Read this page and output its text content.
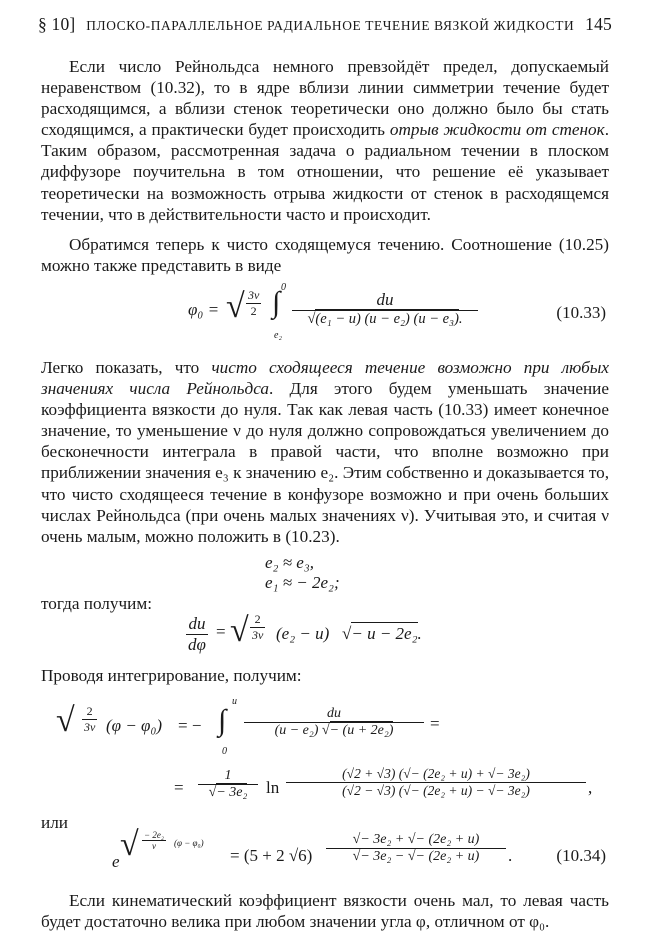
§ 10] ПЛОСКО-ПАРАЛЛЕЛЬНОЕ РАДИАЛЬНОЕ ТЕЧЕНИЕ ВЯЗКОЙ ЖИДКОСТИ 145
Если число Рейнольдса немного превзойдёт предел, допускаемый неравенством (10.32), то в ядре вблизи линии симметрии течение будет расходящимся, а вблизи стенок теоретически оно должно было бы стать сходящимся, а практически будет происходить отрыв жидкости от стенок. Таким образом, рассмотренная задача о радиальном течении в плоском диффузоре поучительна в том отношении, что решение её указывает теоретически на возможность отрыва жидкости от стенок в расходящемся течении, что в действительности часто и происходит.
Обратимся теперь к чисто сходящемуся течению. Соотношение (10.25) можно также представить в виде
φ₀ = √ $\frac{3\nu}{2}$ ∫ 0
e₂
$\frac{du}{\text{√(e₁ − u) (u − e₂) (u − e₃).}}$	(10.33)
Легко показать, что чисто сходящееся течение возможно при любых значениях числа Рейнольдса. Для этого будем уменьшать значение коэффициента вязкости до нуля. Так как левая часть (10.33) имеет конечное значение, то уменьшение ν до нуля должно сопровождаться увеличением до бесконечности интеграла в правой части, что вполне возможно при приближении значения e₃ к значению e₂. Этим собственно и доказывается то, что чисто сходящееся течение в конфузоре возможно и при очень больших числах Рейнольдса (при очень малых значениях ν). Учитывая это, и считая ν очень малым, можно положить в (10.23).
e₂ ≈ e₃,
e₁ ≈ − 2e₂;
тогда получим:
$\frac{du}{d\varphi}$ = √ $\frac{2}{3\nu} (e_2 - u)$ √− u − 2e₂.
Проводя интегрирование, получим:
√ $\frac{2}{3\nu} (\varphi - \varphi_0)$ = − ∫
u
0
$\frac{du}{\text{(u − e₂) √− (u + 2e₂)}}$ =
= $\frac{1}{\text{√− 3e₂}}$ $\ln \frac{\text{(√2 + √3) (√− (2e₂ + u) + √− 3e₂)}}{\text{(√2 − √3) (√− (2e₂ + u) − √− 3e₂)}}$ ,
или
e √ $\frac{\text{− 2e₂}}{\nu} (\varphi - \varphi_0)$
= (5 + 2 $√6) \frac{\text{√− 3e₂ + √− (2e₂ + u)}}{\text{√− 3e₂ − √− (2e₂ + u)}}$ .	(10.34)
Если кинематический коэффициент вязкости очень мал, то левая часть будет достаточно велика при любом значении угла φ, отличном от φ₀.
